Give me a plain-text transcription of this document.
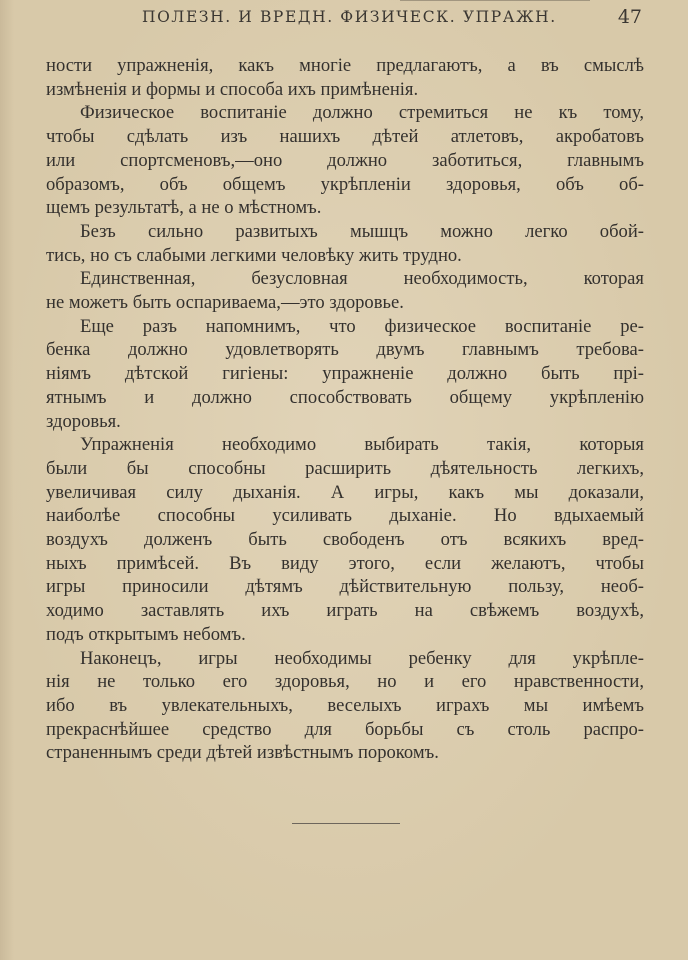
ПОЛЕЗН. И ВРЕДН. ФИЗИЧЕСК. УПРАЖН.	47
ности упражненія, какъ многіе предлагаютъ, а въ смыслѣ
измѣненія и формы и способа ихъ примѣненія.
Физическое воспитаніе должно стремиться не къ тому,
чтобы сдѣлать изъ нашихъ дѣтей атлетовъ, акробатовъ
или спортсменовъ,—оно должно заботиться, главнымъ
образомъ, объ общемъ укрѣпленіи здоровья, объ об-
щемъ результатѣ, а не о мѣстномъ.
Безъ сильно развитыхъ мышцъ можно легко обой-
тись, но съ слабыми легкими человѣку жить трудно.
Единственная, безусловная необходимость, которая
не можетъ быть оспариваема,—это здоровье.
Еще разъ напомнимъ, что физическое воспитаніе ре-
бенка должно удовлетворять двумъ главнымъ требова-
ніямъ дѣтской гигіены: упражненіе должно быть прі-
ятнымъ и должно способствовать общему укрѣпленію
здоровья.
Упражненія необходимо выбирать такія, которыя
были бы способны расширить дѣятельность легкихъ,
увеличивая силу дыханія. А игры, какъ мы доказали,
наиболѣе способны усиливать дыханіе. Но вдыхаемый
воздухъ долженъ быть свободенъ отъ всякихъ вред-
ныхъ примѣсей. Въ виду этого, если желаютъ, чтобы
игры приносили дѣтямъ дѣйствительную пользу, необ-
ходимо заставлять ихъ играть на свѣжемъ воздухѣ,
подъ открытымъ небомъ.
Наконецъ, игры необходимы ребенку для укрѣпле-
нія не только его здоровья, но и его нравственности,
ибо въ увлекательныхъ, веселыхъ играхъ мы имѣемъ
прекраснѣйшее средство для борьбы съ столь распро-
страненнымъ среди дѣтей извѣстнымъ порокомъ.
